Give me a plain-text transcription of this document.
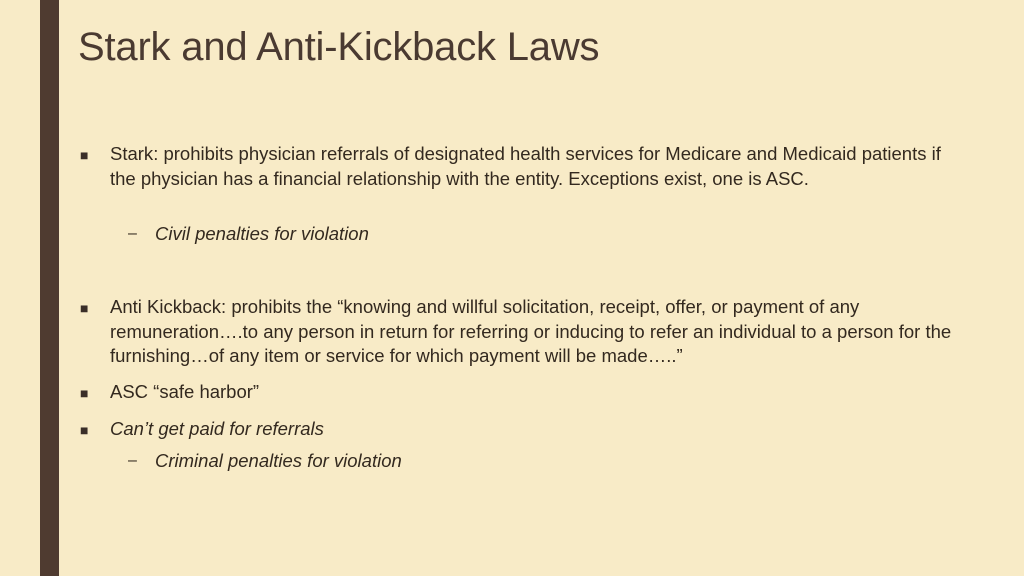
Stark and Anti-Kickback Laws
■ Stark: prohibits physician referrals of designated health services for Medicare and Medicaid patients if the physician has a financial relationship with the entity. Exceptions exist, one is ASC.
– Civil penalties for violation
■ Anti Kickback: prohibits the “knowing and willful solicitation, receipt, offer, or payment of any remuneration….to any person in return for referring or inducing to refer an individual to a person for the furnishing…of any item or service for which payment will be made…..”
■ ASC “safe harbor”
■ Can’t get paid for referrals
– Criminal penalties for violation
